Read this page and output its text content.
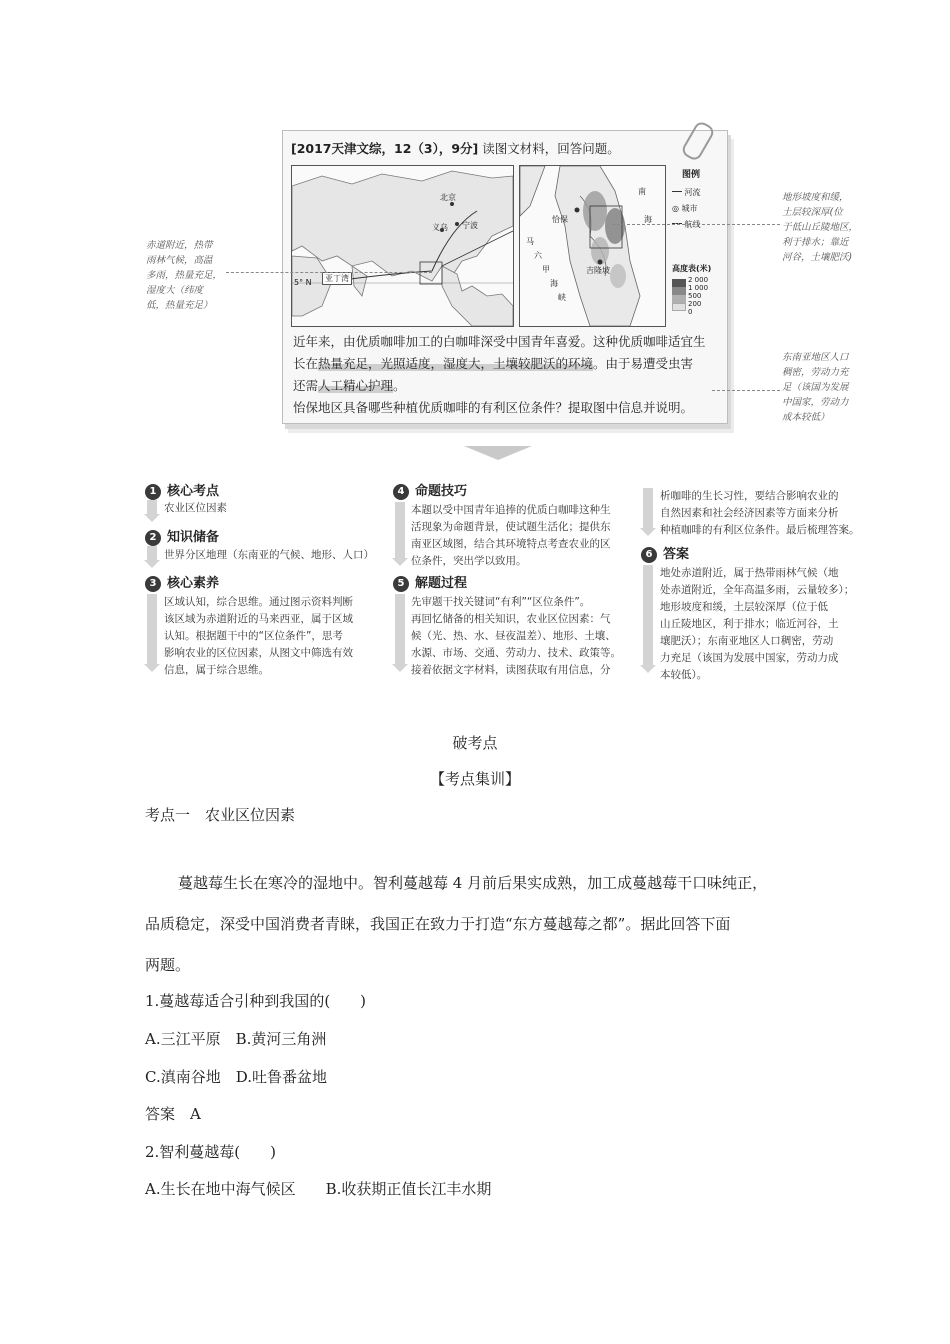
[2017天津文综，12（3），9分] 读图文材料，回答问题。
北京
宁波
义乌
5° N	亚丁湾
南
海
恰保
马
六
甲
海
峡
吉隆坡
图例
河流
◎ 城市
航线
高度表(米)
2 000
1 000
500
200
0
近年来，由优质咖啡加工的白咖啡深受中国青年喜爱。这种优质咖啡适宜生
长在热量充足，光照适度，湿度大，土壤较肥沃的环境。由于易遭受虫害
还需人工精心护理。
怡保地区具备哪些种植优质咖啡的有利区位条件？提取图中信息并说明。
赤道附近，热带
雨林气候，高温
多雨，热量充足，
湿度大（纬度
低，热量充足）
地形坡度和缓，
土层较深厚(位
于低山丘陵地区，
利于排水；靠近
河谷，土壤肥沃)
东南亚地区人口
稠密，劳动力充
足（该国为发展
中国家，劳动力
成本较低）
1 核心考点
农业区位因素
2 知识储备
世界分区地理（东南亚的气候、地形、人口）
3 核心素养
区域认知，综合思维。通过图示资料判断
该区域为赤道附近的马来西亚，属于区域
认知。根据题干中的“区位条件”，思考
影响农业的区位因素，从图文中筛选有效
信息，属于综合思维。
4 命题技巧
本题以受中国青年追捧的优质白咖啡这种生
活现象为命题背景，使试题生活化；提供东
南亚区域图，结合其环境特点考查农业的区
位条件，突出学以致用。
5 解题过程
先审题干找关键词“有利”“区位条件”。
再回忆储备的相关知识，农业区位因素：气
候（光、热、水、昼夜温差）、地形、土壤、
水源、市场、交通、劳动力、技术、政策等。
接着依据文字材料，读图获取有用信息，分
析咖啡的生长习性，要结合影响农业的
自然因素和社会经济因素等方面来分析
种植咖啡的有利区位条件。最后梳理答案。
6 答案
地处赤道附近，属于热带雨林气候（地
处赤道附近，全年高温多雨，云量较多）；
地形坡度和缓，土层较深厚（位于低
山丘陵地区，利于排水；临近河谷，土
壤肥沃）；东南亚地区人口稠密，劳动
力充足（该国为发展中国家，劳动力成
本较低）。
破考点
【考点集训】
考点一　农业区位因素
蔓越莓生长在寒冷的湿地中。智利蔓越莓 4 月前后果实成熟，加工成蔓越莓干口味纯正，
品质稳定，深受中国消费者青睐，我国正在致力于打造“东方蔓越莓之都”。据此回答下面
两题。
1.蔓越莓适合引种到我国的(　　)
A.三江平原　B.黄河三角洲
C.滇南谷地　D.吐鲁番盆地
答案　A
2.智利蔓越莓(　　)
A.生长在地中海气候区　　B.收获期正值长江丰水期
